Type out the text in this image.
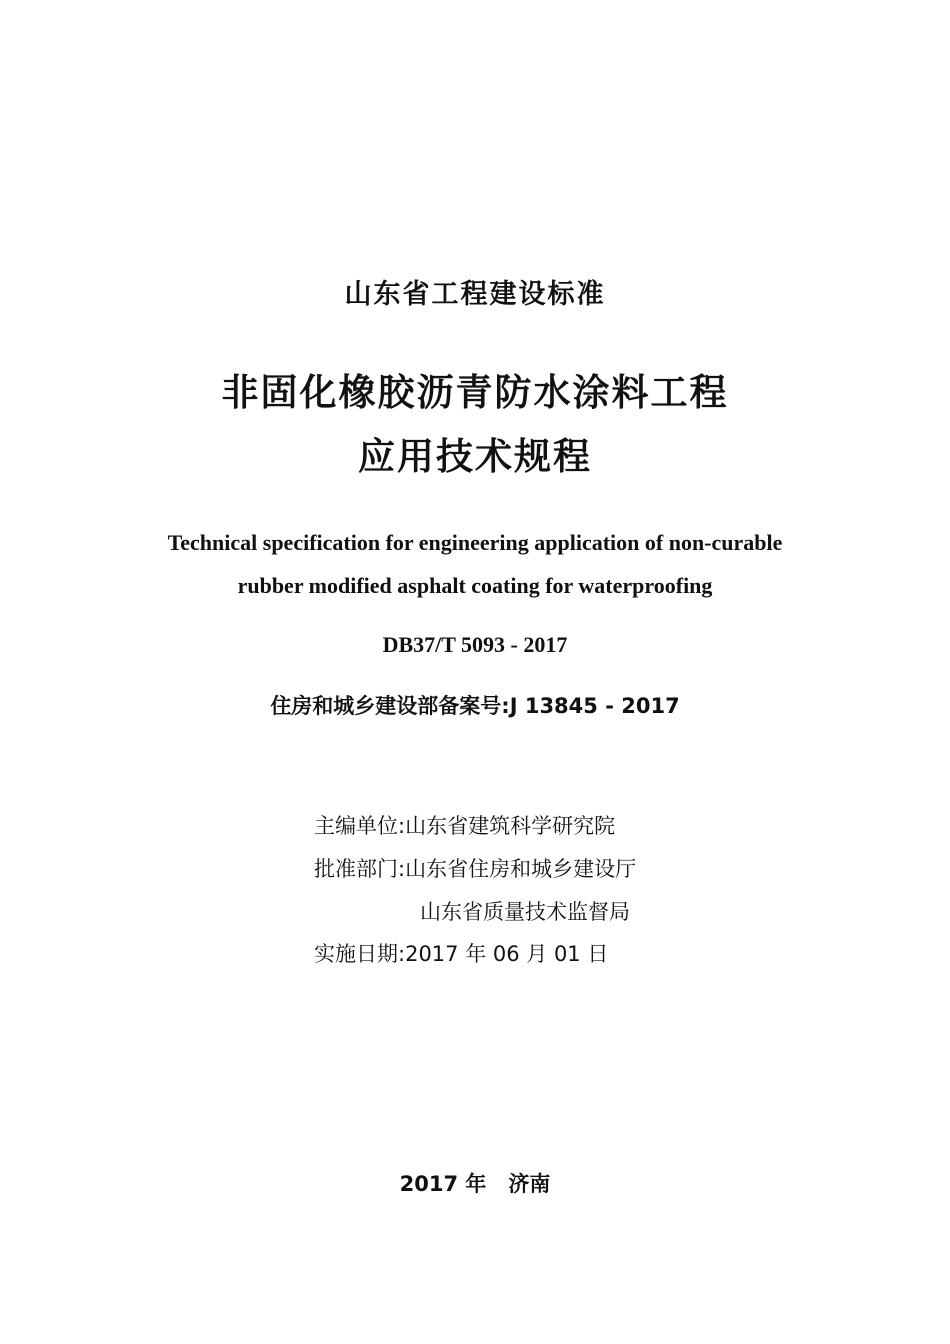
山东省工程建设标准
非固化橡胶沥青防水涂料工程
应用技术规程
Technical specification for engineering application of non-curable
rubber modified asphalt coating for waterproofing
DB37/T 5093 - 2017
住房和城乡建设部备案号:J 13845 - 2017
主编单位:山东省建筑科学研究院
批准部门:山东省住房和城乡建设厅
山东省质量技术监督局
实施日期:2017 年 06 月 01 日
2017 年 济南
